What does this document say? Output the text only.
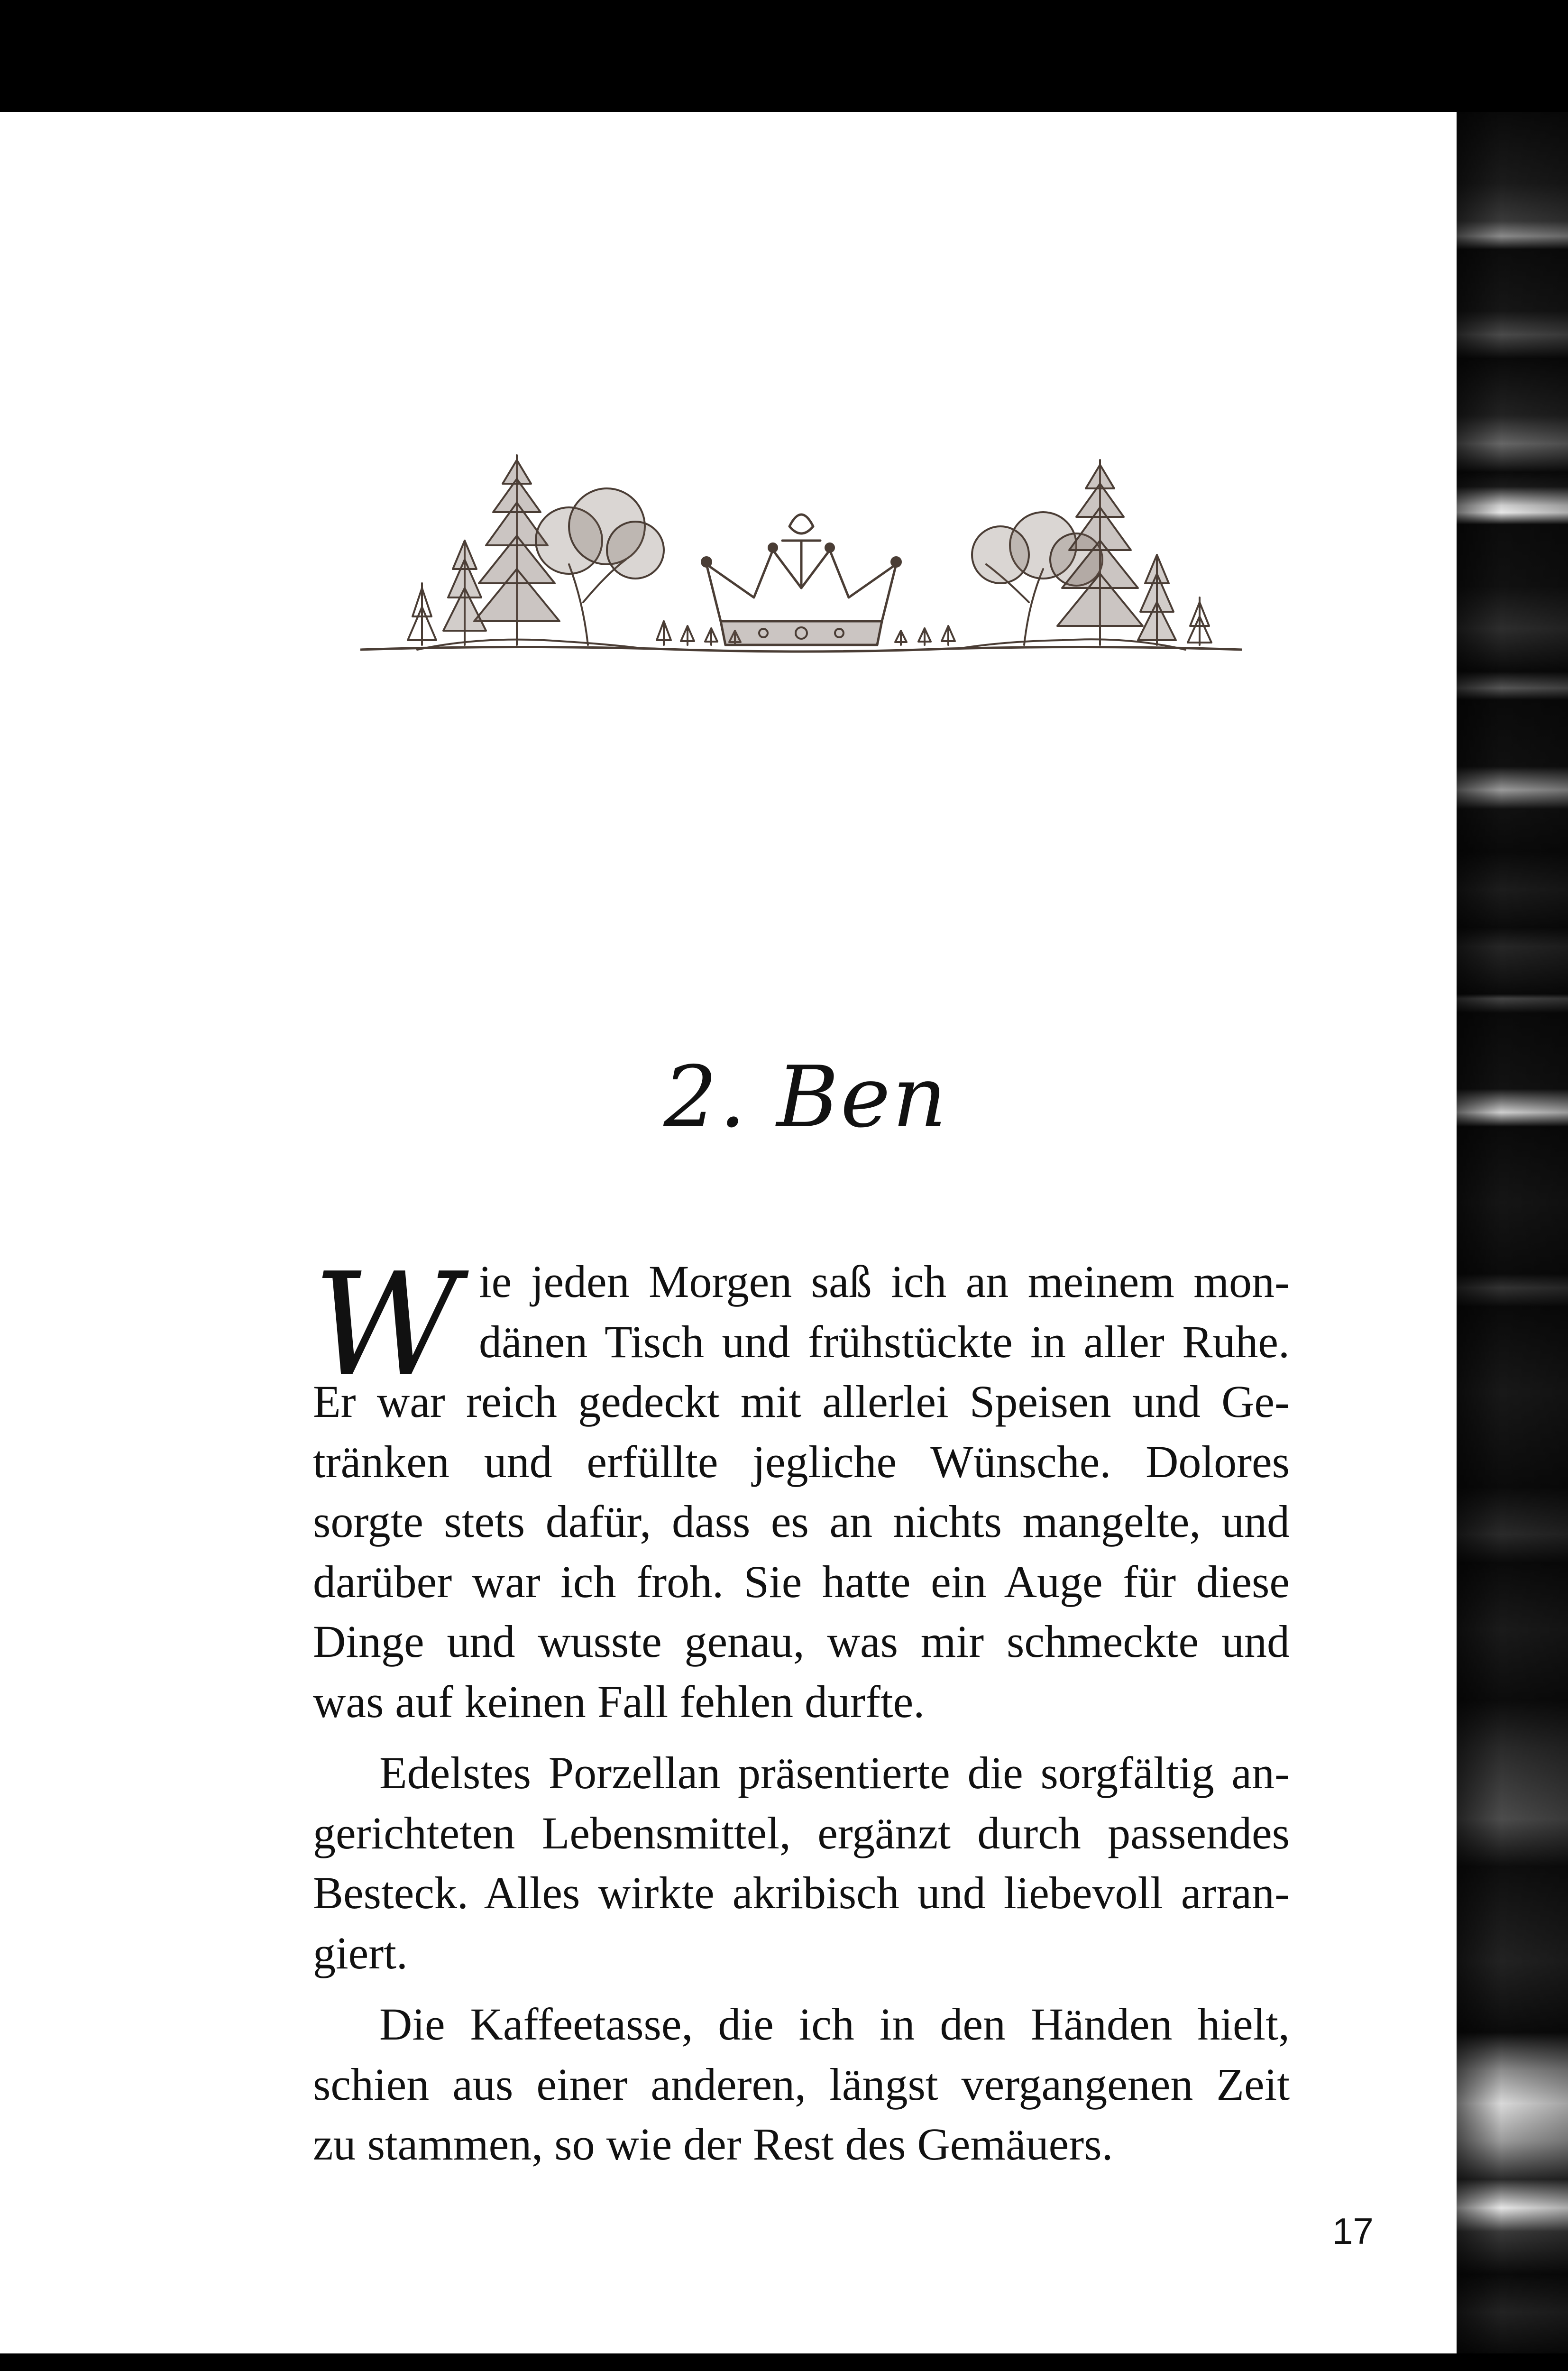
2. Ben
W ie jeden Morgen saß ich an meinem mon-
dänen Tisch und frühstückte in aller Ruhe.
Er war reich gedeckt mit allerlei Speisen und Ge-
tränken und erfüllte jegliche Wünsche. Dolores
sorgte stets dafür, dass es an nichts mangelte, und
darüber war ich froh. Sie hatte ein Auge für diese
Dinge und wusste genau, was mir schmeckte und
was auf keinen Fall fehlen durfte.
Edelstes Porzellan präsentierte die sorgfältig an-
gerichteten Lebensmittel, ergänzt durch passendes
Besteck. Alles wirkte akribisch und liebevoll arran-
giert.
Die Kaffeetasse, die ich in den Händen hielt,
schien aus einer anderen, längst vergangenen Zeit
zu stammen, so wie der Rest des Gemäuers.
17
